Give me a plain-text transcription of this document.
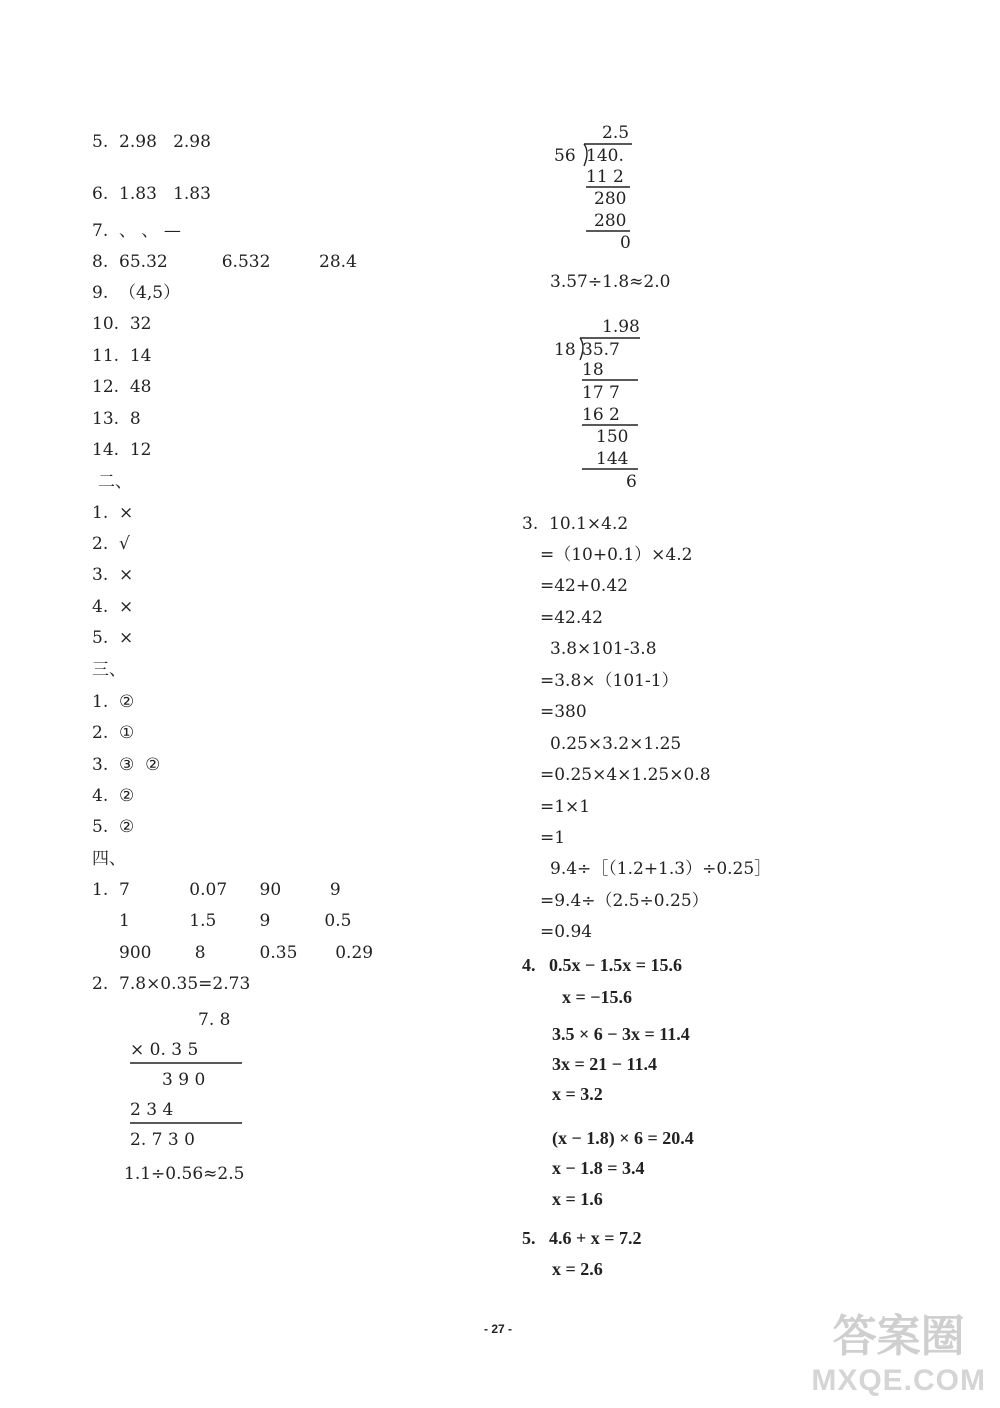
5.  2.98   2.98
6.  1.83   1.83
7.  、 、 —
8.  65.32          6.532         28.4
9.  （4,5）
10.  32
11.  14
12.  48
13.  8
14.  12
二、
1.  ×
2.  √
3.  ×
4.  ×
5.  ×
三、
1.  ②
2.  ①
3.  ③  ②
4.  ②
5.  ②
四、
1.  7           0.07      90         9
1           1.5        9          0.5
900        8          0.35       0.29
2.  7.8×0.35=2.73
7. 8
× 0. 3 5
3 9 0
2 3 4
2. 7 3 0
1.1÷0.56≈2.5
2.5
56 140.
11 2
280
280
0
3.57÷1.8≈2.0
1.98
18 35.7
18
17 7
16 2
150
144
6
3.  10.1×4.2
=（10+0.1）×4.2
=42+0.42
=42.42
3.8×101-3.8
=3.8×（101-1）
=380
0.25×3.2×1.25
=0.25×4×1.25×0.8
=1×1
=1
9.4÷［（1.2+1.3）÷0.25］
=9.4÷（2.5÷0.25）
=0.94
4.   0.5x − 1.5x = 15.6
x = −15.6
3.5 × 6 − 3x = 11.4
3x = 21 − 11.4
x = 3.2
(x − 1.8) × 6 = 20.4
x − 1.8 = 3.4
x = 1.6
5.   4.6 + x = 7.2
x = 2.6
- 27 -	答案圈
MXQE.COM
